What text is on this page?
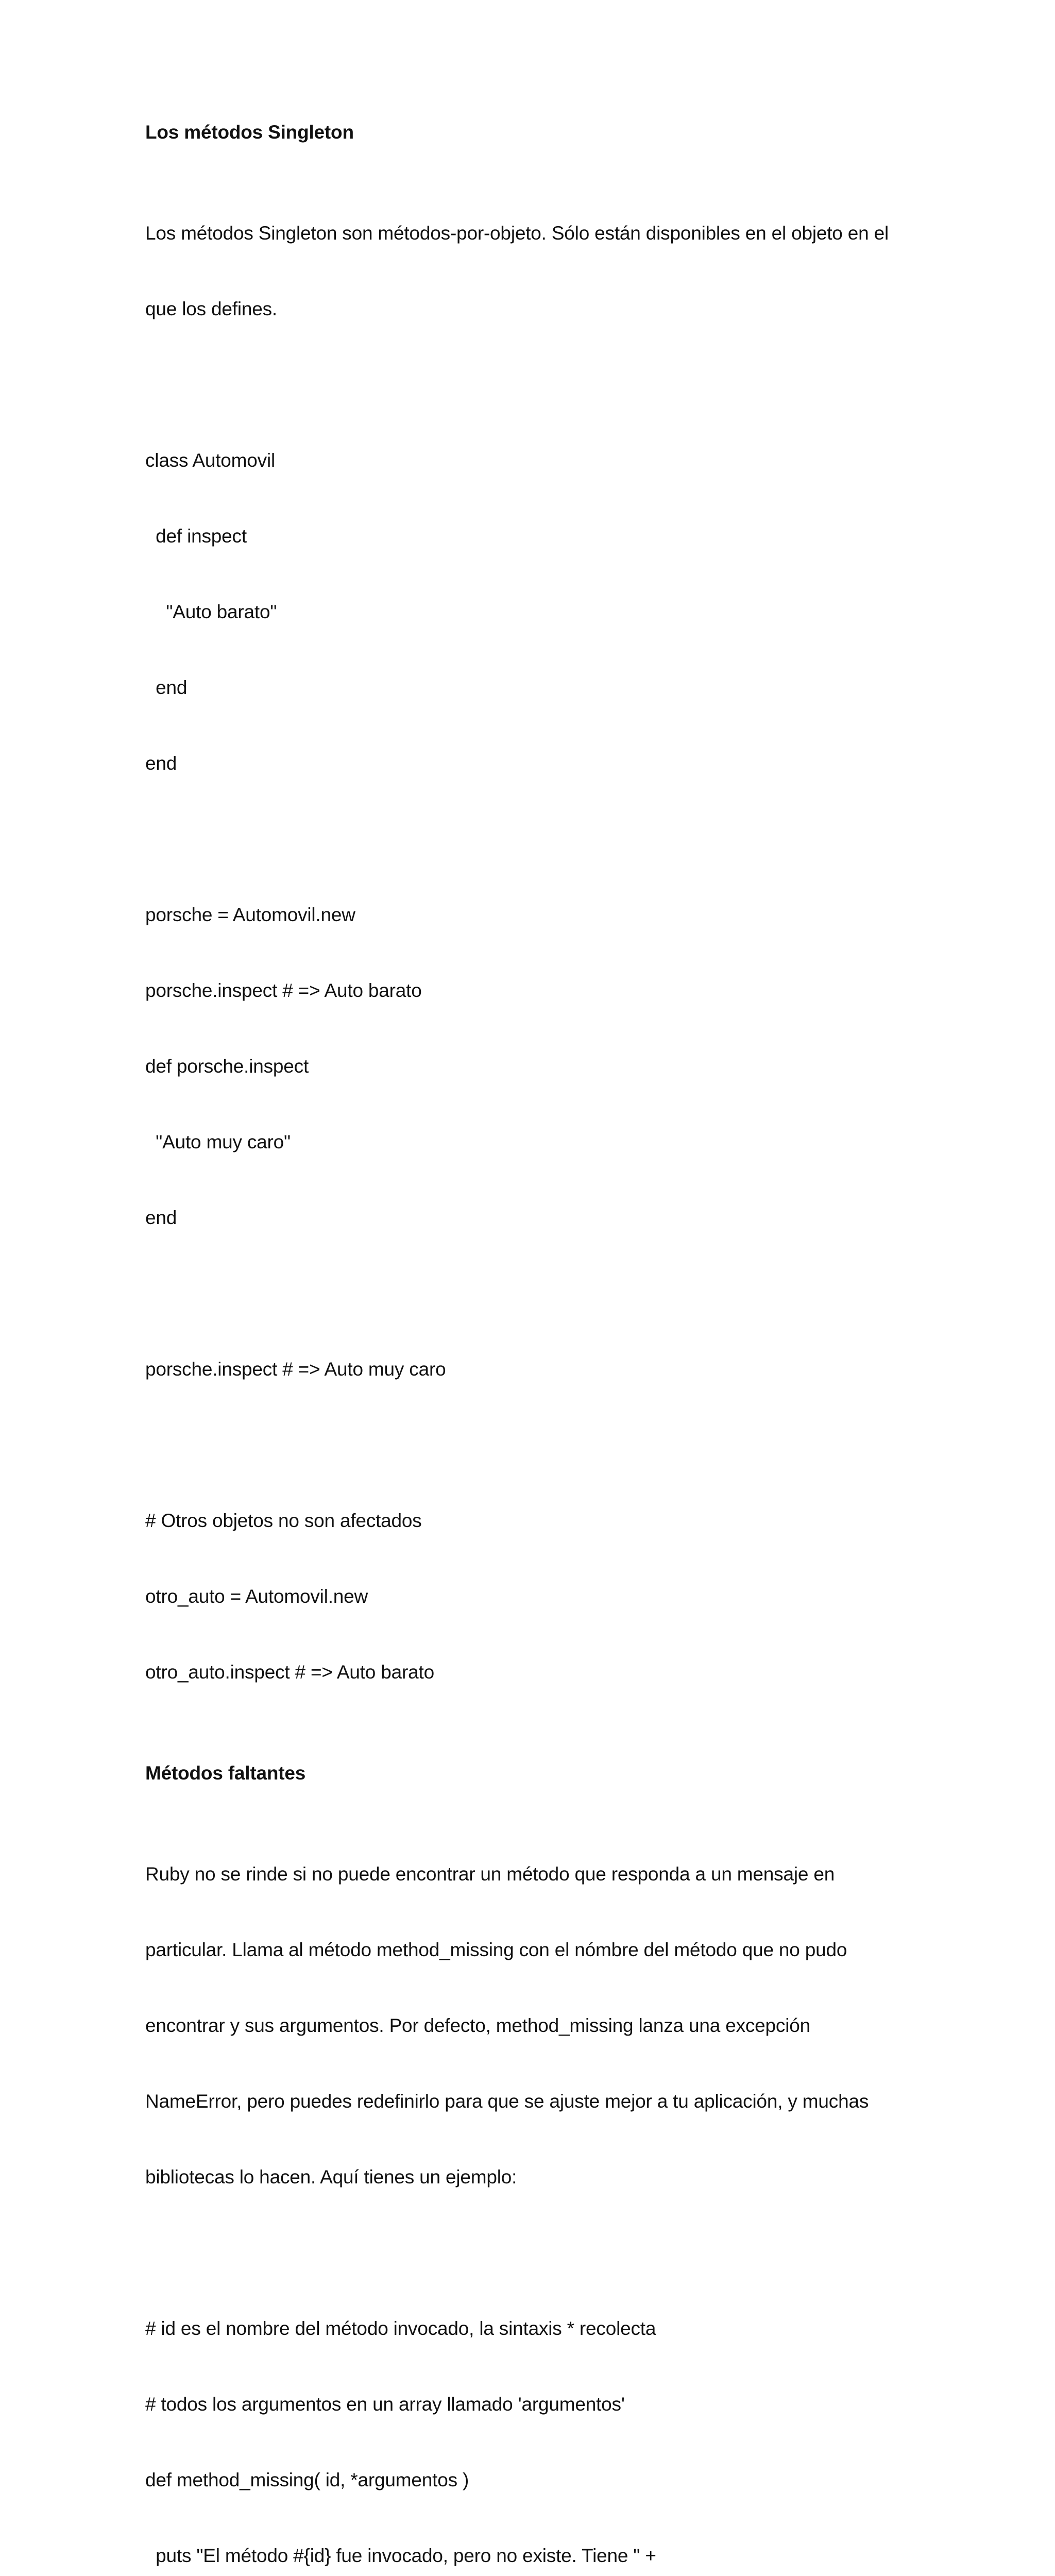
Los métodos Singleton

Los métodos Singleton son métodos-por-objeto. Sólo están disponibles en el objeto en el

que los defines.

class Automovil

def inspect

"Auto barato"

end

end

porsche = Automovil.new

porsche.inspect # => Auto barato

def porsche.inspect

"Auto muy caro"

end

porsche.inspect # => Auto muy caro

# Otros objetos no son afectados

otro_auto = Automovil.new

otro_auto.inspect # => Auto barato

Métodos faltantes

Ruby no se rinde si no puede encontrar un método que responda a un mensaje en

particular. Llama al método method_missing con el nómbre del método que no pudo

encontrar y sus argumentos. Por defecto, method_missing lanza una excepción

NameError, pero puedes redefinirlo para que se ajuste mejor a tu aplicación, y muchas

bibliotecas lo hacen. Aquí tienes un ejemplo:

# id es el nombre del método invocado, la sintaxis * recolecta

# todos los argumentos en un array llamado 'argumentos'

def method_missing( id, *argumentos )

puts "El método #{id} fue invocado, pero no existe. Tiene " +
